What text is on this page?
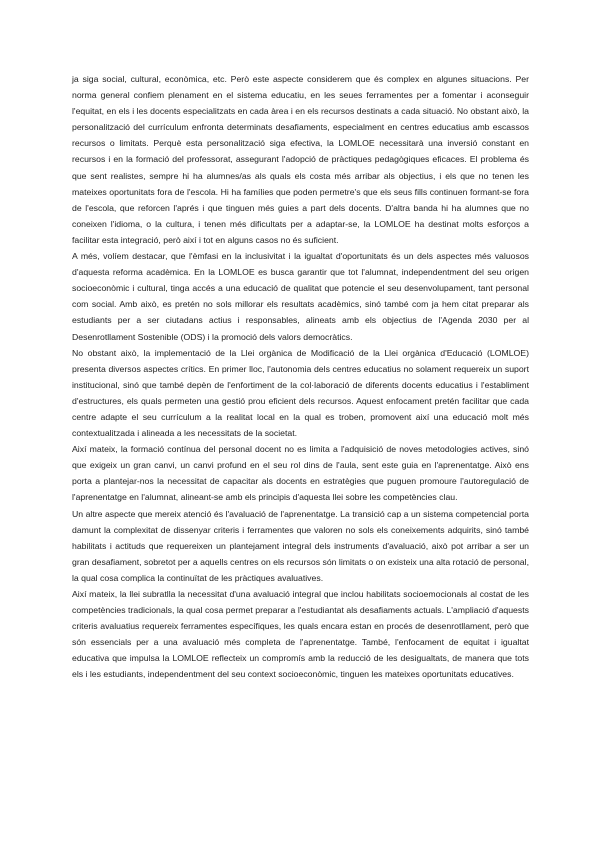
ja siga social, cultural, econòmica, etc. Però este aspecte considerem que és complex en algunes situacions. Per norma general confiem plenament en el sistema educatiu, en les seues ferramentes per a fomentar i aconseguir l'equitat, en els i les docents especialitzats en cada àrea i en els recursos destinats a cada situació. No obstant això, la personalització del currículum enfronta determinats desafiaments, especialment en centres educatius amb escassos recursos o limitats. Perquè esta personalització siga efectiva, la LOMLOE necessitarà una inversió constant en recursos i en la formació del professorat, assegurant l'adopció de pràctiques pedagògiques eficaces. El problema és que sent realistes, sempre hi ha alumnes/as als quals els costa més arribar als objectius, i els que no tenen les mateixes oportunitats fora de l'escola. Hi ha famílies que poden permetre's que els seus fills continuen formant-se fora de l'escola, que reforcen l'aprés i que tinguen més guies a part dels docents. D'altra banda hi ha alumnes que no coneixen l'idioma, o la cultura, i tenen més dificultats per a adaptar-se, la LOMLOE ha destinat molts esforços a facilitar esta integració, però així i tot en alguns casos no és suficient.

A més, volíem destacar, que l'èmfasi en la inclusivitat i la igualtat d'oportunitats és un dels aspectes més valuosos d'aquesta reforma acadèmica. En la LOMLOE es busca garantir que tot l'alumnat, independentment del seu origen socioeconòmic i cultural, tinga accés a una educació de qualitat que potencie el seu desenvolupament, tant personal com social. Amb això, es pretén no sols millorar els resultats acadèmics, sinó també com ja hem citat preparar als estudiants per a ser ciutadans actius i responsables, alineats amb els objectius de l'Agenda 2030 per al Desenrotllament Sostenible (ODS) i la promoció dels valors democràtics.

No obstant això, la implementació de la Llei orgànica de Modificació de la Llei orgànica d'Educació (LOMLOE) presenta diversos aspectes crítics. En primer lloc, l'autonomia dels centres educatius no solament requereix un suport institucional, sinó que també depèn de l'enfortiment de la col·laboració de diferents docents educatius i l'establiment d'estructures, els quals permeten una gestió prou eficient dels recursos. Aquest enfocament pretén facilitar que cada centre adapte el seu currículum a la realitat local en la qual es troben, promovent així una educació molt més contextualitzada i alineada a les necessitats de la societat.

Així mateix, la formació contínua del personal docent no es limita a l'adquisició de noves metodologies actives, sinó que exigeix un gran canvi, un canvi profund en el seu rol dins de l'aula, sent este guia en l'aprenentatge. Això ens porta a plantejar-nos la necessitat de capacitar als docents en estratègies que puguen promoure l'autoregulació de l'aprenentatge en l'alumnat, alineant-se amb els principis d'aquesta llei sobre les competències clau.

Un altre aspecte que mereix atenció és l'avaluació de l'aprenentatge. La transició cap a un sistema competencial porta damunt la complexitat de dissenyar criteris i ferramentes que valoren no sols els coneixements adquirits, sinó també habilitats i actituds que requereixen un plantejament integral dels instruments d'avaluació, això pot arribar a ser un gran desafiament, sobretot per a aquells centres on els recursos són limitats o on existeix una alta rotació de personal, la qual cosa complica la continuïtat de les pràctiques avaluatives.

Així mateix, la llei subratlla la necessitat d'una avaluació integral que inclou habilitats socioemocionals al costat de les competències tradicionals, la qual cosa permet preparar a l'estudiantat als desafiaments actuals. L'ampliació d'aquests criteris avaluatius requereix ferramentes específiques, les quals encara estan en procés de desenrotllament, però que són essencials per a una avaluació més completa de l'aprenentatge. També, l'enfocament de equitat i igualtat educativa que impulsa la LOMLOE reflecteix un compromís amb la reducció de les desigualtats, de manera que tots els i les estudiants, independentment del seu context socioeconòmic, tinguen les mateixes oportunitats educatives.
